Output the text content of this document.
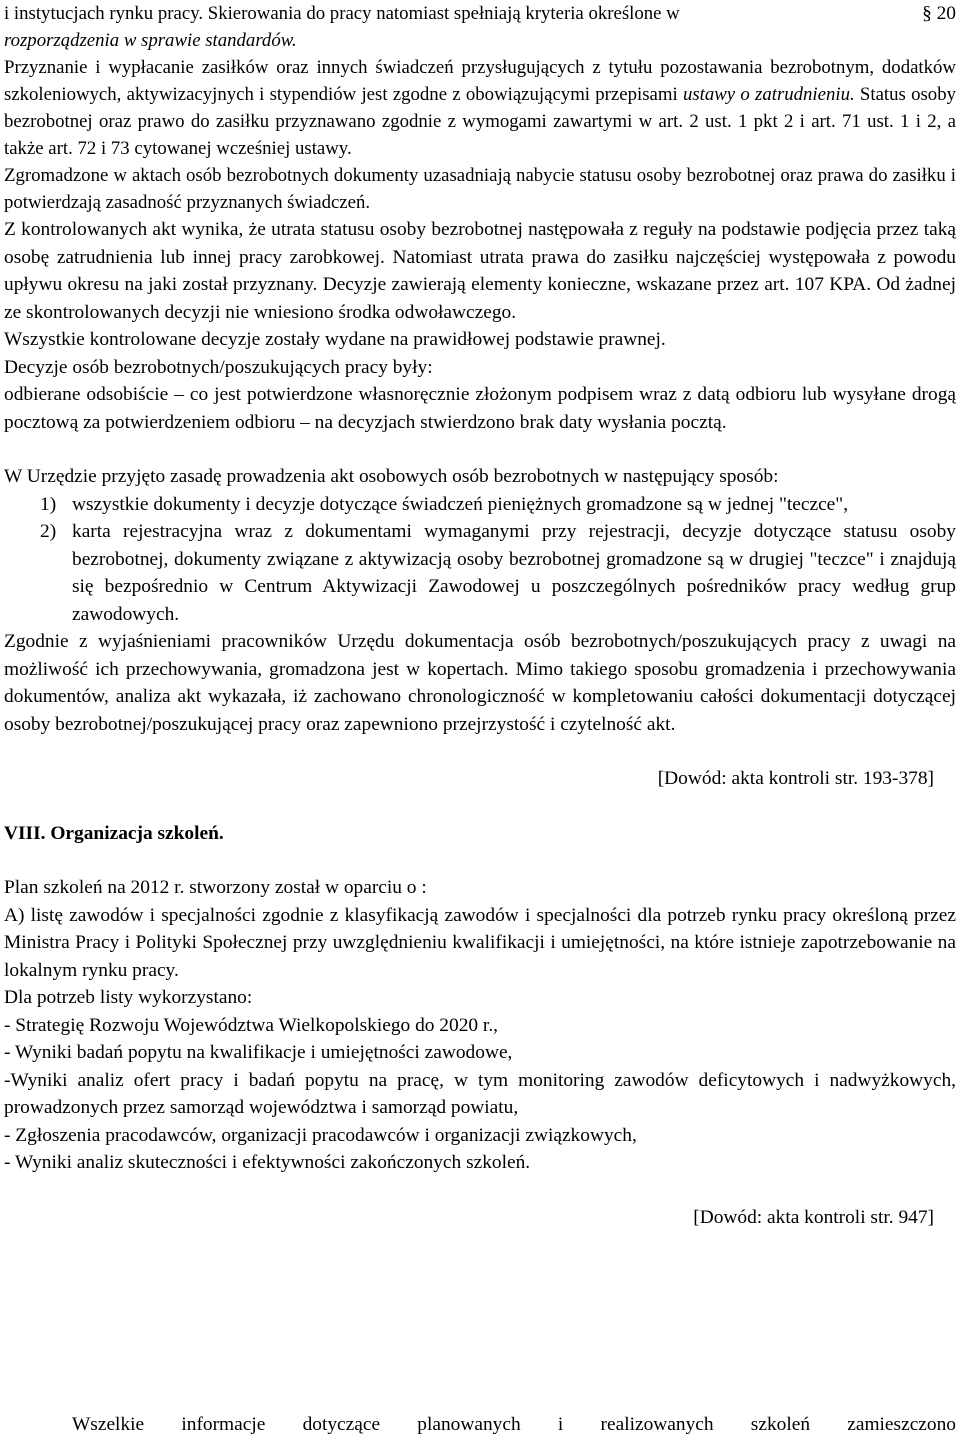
i instytucjach rynku pracy. Skierowania do pracy natomiast spełniają kryteria określone w	§ 20

rozporządzenia w sprawie standardów.

Przyznanie i wypłacanie zasiłków oraz innych świadczeń przysługujących z tytułu pozostawania bezrobotnym, dodatków szkoleniowych, aktywizacyjnych i stypendiów jest zgodne z obowiązującymi przepisami ustawy o zatrudnieniu. Status osoby bezrobotnej oraz prawo do zasiłku przyznawano zgodnie z wymogami zawartymi w art. 2 ust. 1 pkt 2 i art. 71 ust. 1 i 2, a także art. 72 i 73 cytowanej wcześniej ustawy.

Zgromadzone w aktach osób bezrobotnych dokumenty uzasadniają nabycie statusu osoby bezrobotnej oraz prawa do zasiłku i potwierdzają zasadność przyznanych świadczeń.

Z kontrolowanych akt wynika, że utrata statusu osoby bezrobotnej następowała z reguły na podstawie podjęcia przez taką osobę zatrudnienia lub innej pracy zarobkowej. Natomiast utrata prawa do zasiłku najczęściej występowała z powodu upływu okresu na jaki został przyznany. Decyzje zawierają elementy konieczne, wskazane przez art. 107 KPA. Od żadnej ze skontrolowanych decyzji nie wniesiono środka odwoławczego.

Wszystkie kontrolowane decyzje zostały wydane na prawidłowej podstawie prawnej.

Decyzje osób bezrobotnych/poszukujących pracy były:

odbierane odsobiście – co jest potwierdzone własnoręcznie złożonym podpisem wraz z datą odbioru lub wysyłane drogą pocztową za potwierdzeniem odbioru – na decyzjach stwierdzono brak daty wysłania pocztą.

W Urzędzie przyjęto zasadę prowadzenia akt osobowych osób bezrobotnych w następujący sposób:

1) wszystkie dokumenty i decyzje dotyczące świadczeń pieniężnych gromadzone są w jednej "teczce",
2) karta rejestracyjna wraz z dokumentami wymaganymi przy rejestracji, decyzje dotyczące statusu osoby bezrobotnej, dokumenty związane z aktywizacją osoby bezrobotnej gromadzone są w drugiej "teczce" i znajdują się bezpośrednio w Centrum Aktywizacji Zawodowej u poszczególnych pośredników pracy według grup zawodowych.

Zgodnie z wyjaśnieniami pracowników Urzędu dokumentacja osób bezrobotnych/poszukujących pracy z uwagi na możliwość ich przechowywania, gromadzona jest w kopertach. Mimo takiego sposobu gromadzenia i przechowywania dokumentów, analiza akt wykazała, iż zachowano chronologiczność w kompletowaniu całości dokumentacji dotyczącej osoby bezrobotnej/poszukującej pracy oraz zapewniono przejrzystość i czytelność akt.

[Dowód: akta kontroli str. 193-378]

VIII. Organizacja szkoleń.

Plan szkoleń na 2012 r. stworzony został w oparciu o :

A) listę zawodów i specjalności zgodnie z klasyfikacją zawodów i specjalności dla potrzeb rynku pracy określoną przez Ministra Pracy i Polityki Społecznej przy uwzględnieniu kwalifikacji i umiejętności, na które istnieje zapotrzebowanie na lokalnym rynku pracy.

Dla potrzeb listy wykorzystano:

- Strategię Rozwoju Województwa Wielkopolskiego do 2020 r.,

- Wyniki badań popytu na kwalifikacje i umiejętności zawodowe,

-Wyniki analiz ofert pracy i badań popytu na pracę, w tym monitoring zawodów deficytowych i nadwyżkowych, prowadzonych przez samorząd województwa i samorząd powiatu,

- Zgłoszenia pracodawców, organizacji pracodawców i organizacji związkowych,

- Wyniki analiz skuteczności i efektywności zakończonych szkoleń.

[Dowód: akta kontroli str. 947]

Wszelkie informacje dotyczące planowanych i realizowanych szkoleń zamieszczono
